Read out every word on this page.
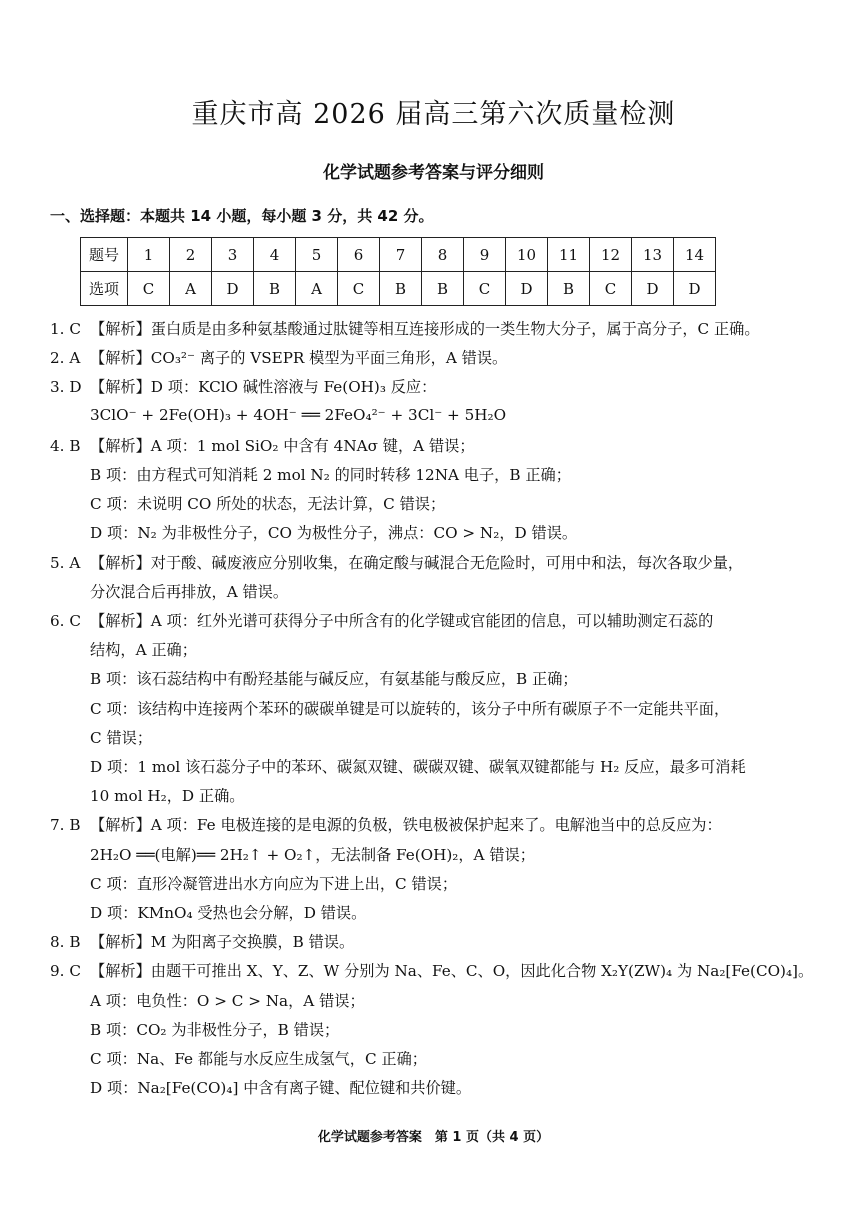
重庆市高 2026 届高三第六次质量检测
化学试题参考答案与评分细则
一、选择题：本题共 14 小题，每小题 3 分，共 42 分。
题号	1	2	3	4	5	6	7	8	9	10	11	12	13	14
选项	C	A	D	B	A	C	B	B	C	D	B	C	D	D
1. C 【解析】蛋白质是由多种氨基酸通过肽键等相互连接形成的一类生物大分子，属于高分子，C 正确。
2. A 【解析】CO₃²⁻ 离子的 VSEPR 模型为平面三角形，A 错误。
3. D 【解析】D 项：KClO 碱性溶液与 Fe(OH)₃ 反应：
3ClO⁻ + 2Fe(OH)₃ + 4OH⁻ ══ 2FeO₄²⁻ + 3Cl⁻ + 5H₂O
4. B 【解析】A 项：1 mol SiO₂ 中含有 4NAσ 键，A 错误；
B 项：由方程式可知消耗 2 mol N₂ 的同时转移 12NA 电子，B 正确；
C 项：未说明 CO 所处的状态，无法计算，C 错误；
D 项：N₂ 为非极性分子，CO 为极性分子，沸点：CO > N₂，D 错误。
5. A 【解析】对于酸、碱废液应分别收集，在确定酸与碱混合无危险时，可用中和法，每次各取少量，
分次混合后再排放，A 错误。
6. C 【解析】A 项：红外光谱可获得分子中所含有的化学键或官能团的信息，可以辅助测定石蕊的
结构，A 正确；
B 项：该石蕊结构中有酚羟基能与碱反应，有氨基能与酸反应，B 正确；
C 项：该结构中连接两个苯环的碳碳单键是可以旋转的，该分子中所有碳原子不一定能共平面，
C 错误；
D 项：1 mol 该石蕊分子中的苯环、碳氮双键、碳碳双键、碳氧双键都能与 H₂ 反应，最多可消耗
10 mol H₂，D 正确。
7. B 【解析】A 项：Fe 电极连接的是电源的负极，铁电极被保护起来了。电解池当中的总反应为：
2H₂O ══(电解)══ 2H₂↑ + O₂↑，无法制备 Fe(OH)₂，A 错误；
C 项：直形冷凝管进出水方向应为下进上出，C 错误；
D 项：KMnO₄ 受热也会分解，D 错误。
8. B 【解析】M 为阳离子交换膜，B 错误。
9. C 【解析】由题干可推出 X、Y、Z、W 分别为 Na、Fe、C、O，因此化合物 X₂Y(ZW)₄ 为 Na₂[Fe(CO)₄]。
A 项：电负性：O > C > Na，A 错误；
B 项：CO₂ 为非极性分子，B 错误；
C 项：Na、Fe 都能与水反应生成氢气，C 正确；
D 项：Na₂[Fe(CO)₄] 中含有离子键、配位键和共价键。
化学试题参考答案　第 1 页（共 4 页）
